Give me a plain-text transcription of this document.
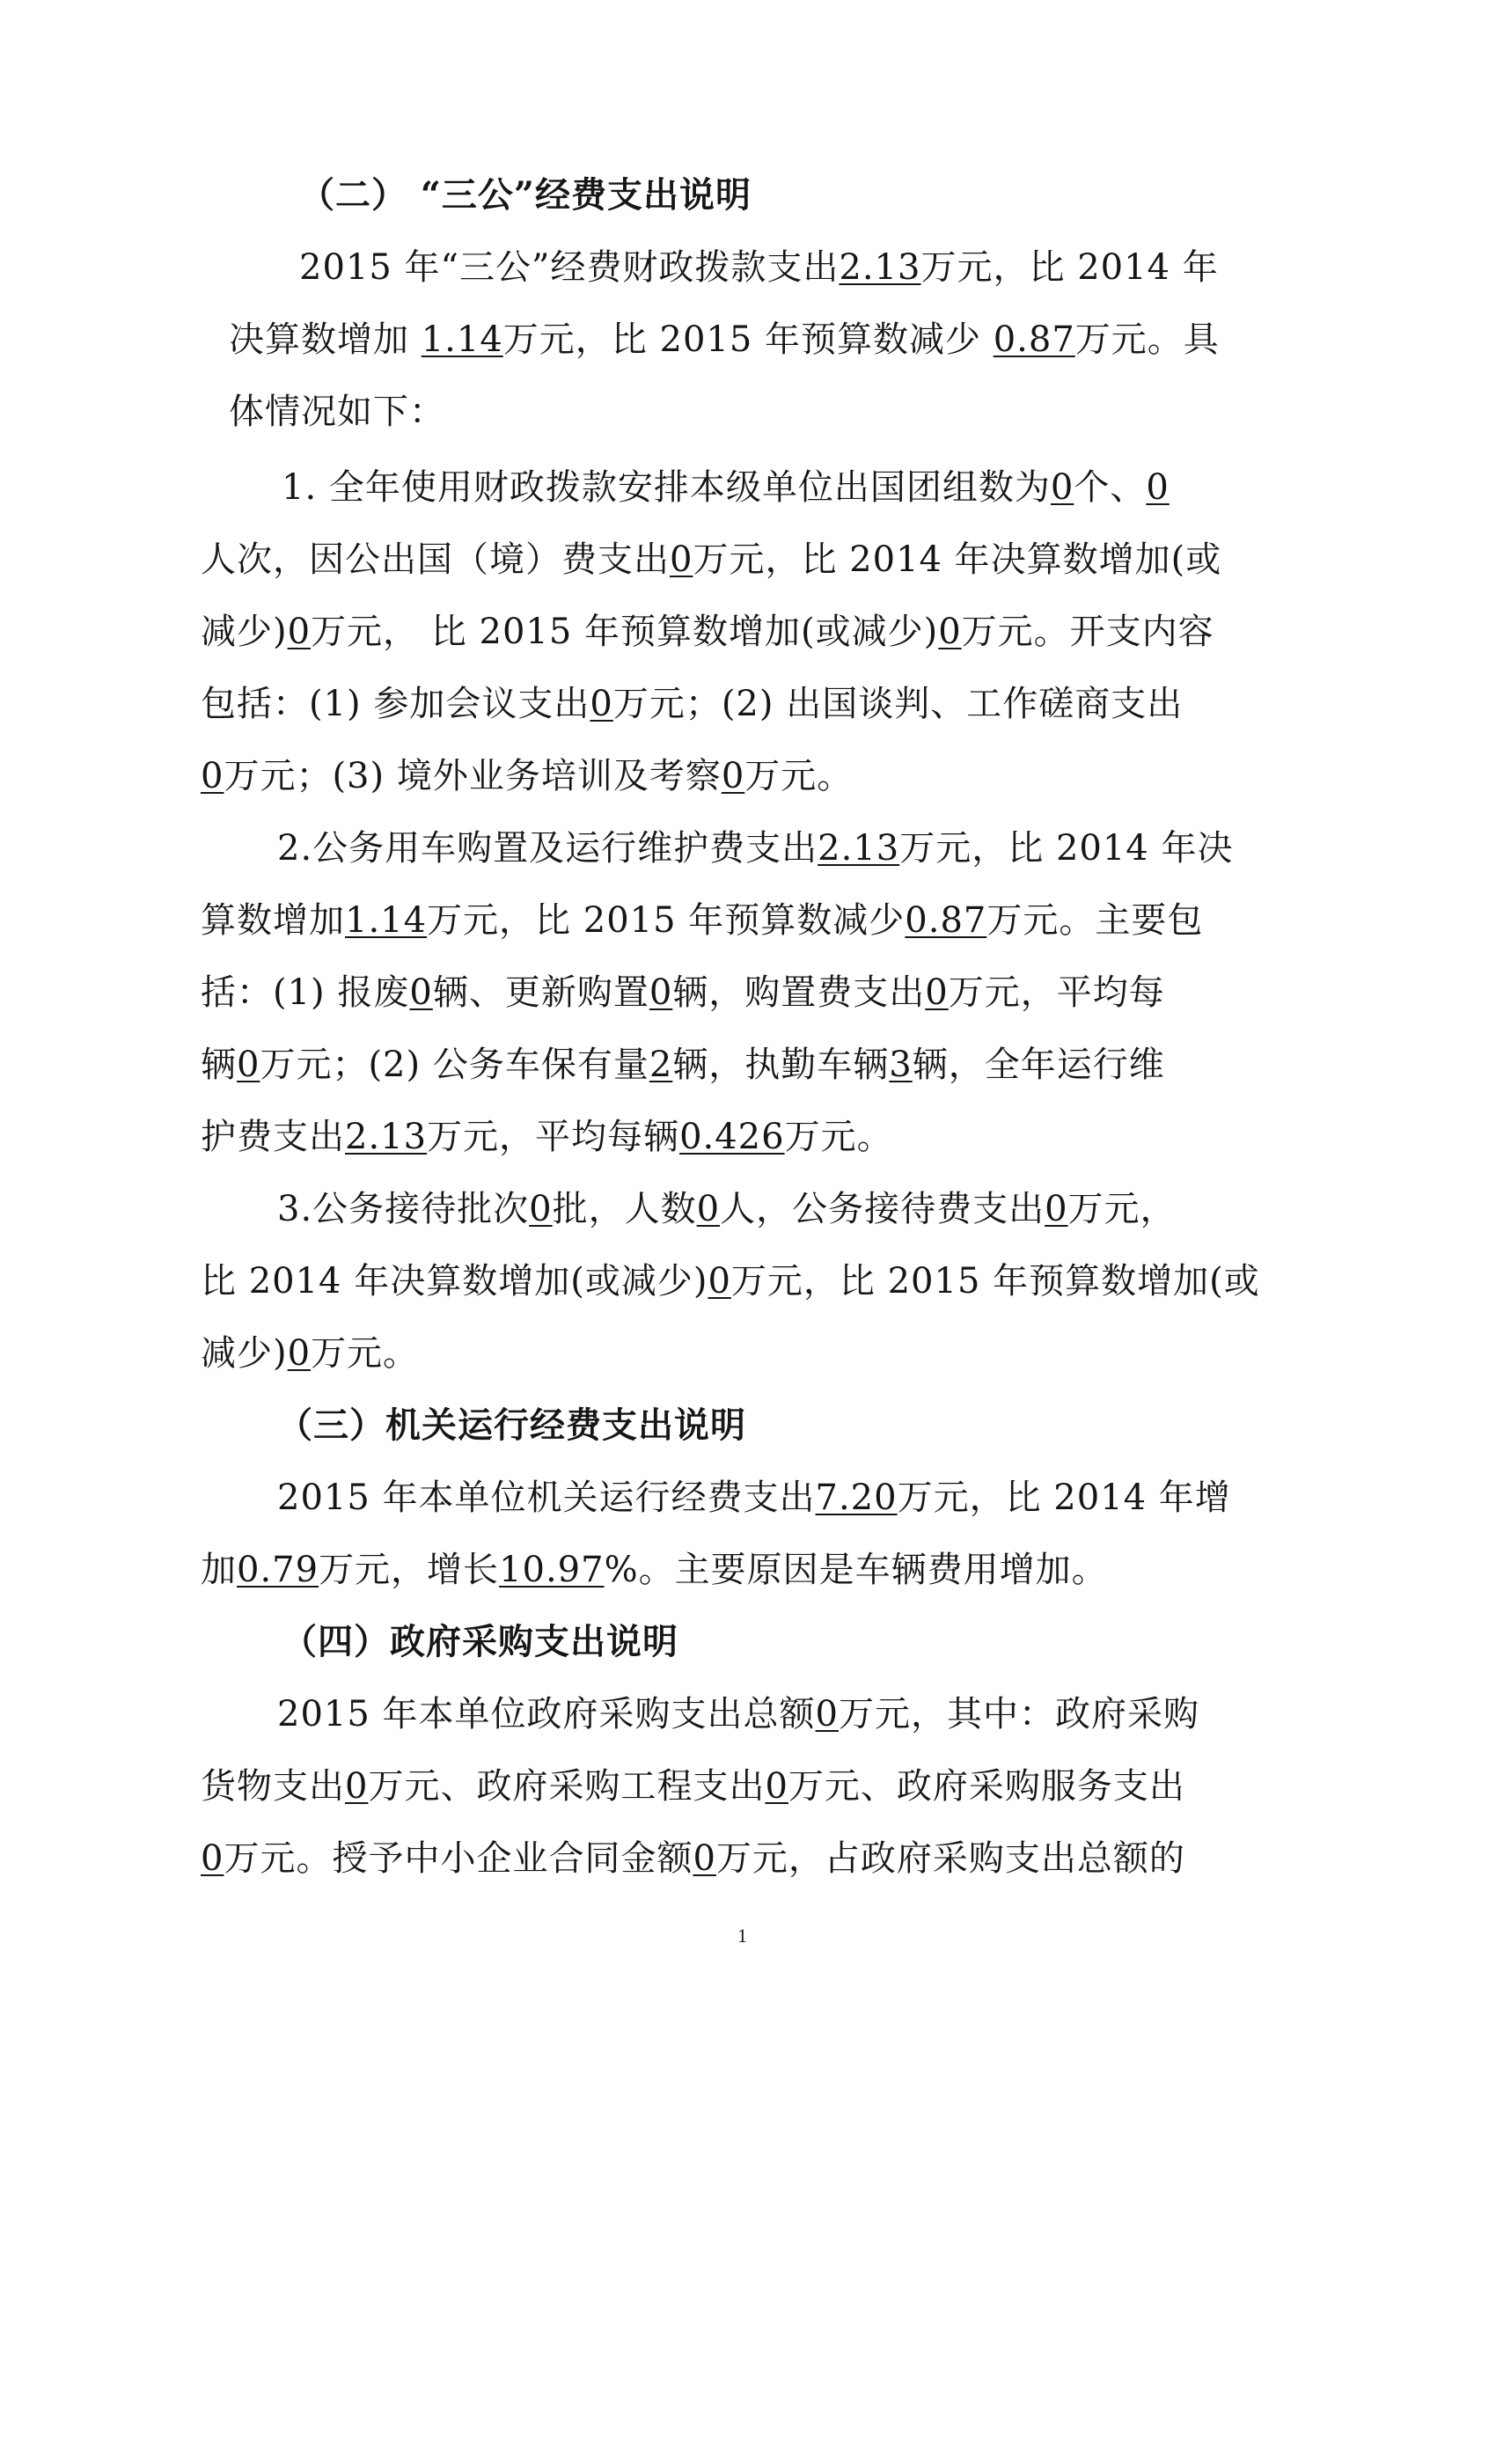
（二） “三公”经费支出说明

2015 年“三公”经费财政拨款支出2.13万元，比 2014 年

决算数增加 1.14万元，比 2015 年预算数减少 0.87万元。具

体情况如下：

1. 全年使用财政拨款安排本级单位出国团组数为0个、0

人次，因公出国（境）费支出0万元，比 2014 年决算数增加(或

减少)0万元， 比 2015 年预算数增加(或减少)0万元。开支内容

包括：(1) 参加会议支出0万元；(2) 出国谈判、工作磋商支出

0万元；(3) 境外业务培训及考察0万元。

2.公务用车购置及运行维护费支出2.13万元，比 2014 年决

算数增加1.14万元，比 2015 年预算数减少0.87万元。主要包

括：(1) 报废0辆、更新购置0辆，购置费支出0万元，平均每

辆0万元；(2) 公务车保有量2辆，执勤车辆3辆，全年运行维

护费支出2.13万元，平均每辆0.426万元。

3.公务接待批次0批，人数0人，公务接待费支出0万元，

比 2014 年决算数增加(或减少)0万元，比 2015 年预算数增加(或

减少)0万元。

（三）机关运行经费支出说明

2015 年本单位机关运行经费支出7.20万元，比 2014 年增

加0.79万元，增长10.97%。主要原因是车辆费用增加。

（四）政府采购支出说明

2015 年本单位政府采购支出总额0万元，其中：政府采购

货物支出0万元、政府采购工程支出0万元、政府采购服务支出

0万元。授予中小企业合同金额0万元，占政府采购支出总额的

1
